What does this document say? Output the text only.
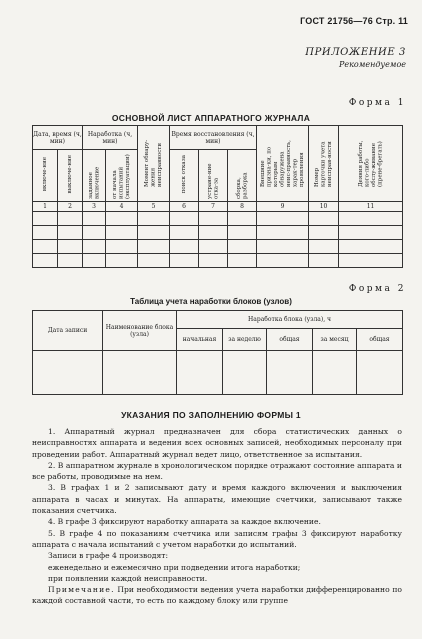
ГОСТ 21756—76 Стр. 11
ПРИЛОЖЕНИЕ 3
Рекомендуемое
Форма 1
ОСНОВНОЙ ЛИСТ АППАРАТНОГО ЖУРНАЛА
Дата, время (ч, мин)		Наработка (ч, мин)		Момент обнару-жения неисправности	Время восстановления (ч, мин)			Внешние призна-ки, по которым обнаружена неис-правность, харак-тер проявления	Номер карточки учета неисправ-ности	Деяния работы, кого-либо обслу-живание (прене-брегать)
включе-ние	выключе-ние	заданное включение	от начала испытаний (эксплуатации)		поиск отказа	устране-ние отка-за	сборка, разборка			
1	2	3	4	5	6	7	8	9	10	11

Форма 2
Таблица учета наработки блоков (узлов)
Дата записи	Наименование блока (узла)	Наработка блока (узла), ч				
		начальная	за неделю	общая	за месяц	общая

УКАЗАНИЯ ПО ЗАПОЛНЕНИЮ ФОРМЫ 1

1. Аппаратный журнал предназначен для сбора статистических данных о неисправностях аппарата и ведения всех основных записей, необходимых персоналу при проведении работ. Аппаратный журнал ведет лицо, ответственное за испытания.

2. В аппаратном журнале в хронологическом порядке отражают состояние аппарата и все работы, проводимые на нем.

3. В графах 1 и 2 записывают дату и время каждого включения и выключения аппарата в часах и минутах. На аппараты, имеющие счетчики, записывают также показания счетчика.

4. В графе 3 фиксируют наработку аппарата за каждое включение.

5. В графе 4 по показаниям счетчика или записям графы 3 фиксируют наработку аппарата с начала испытаний с учетом наработки до испытаний.

Записи в графе 4 производят:

еженедельно и ежемесячно при подведении итога наработки;

при появлении каждой неисправности.

Примечание. При необходимости ведения учета наработки дифференцированно по каждой составной части, то есть по каждому блоку или группе
